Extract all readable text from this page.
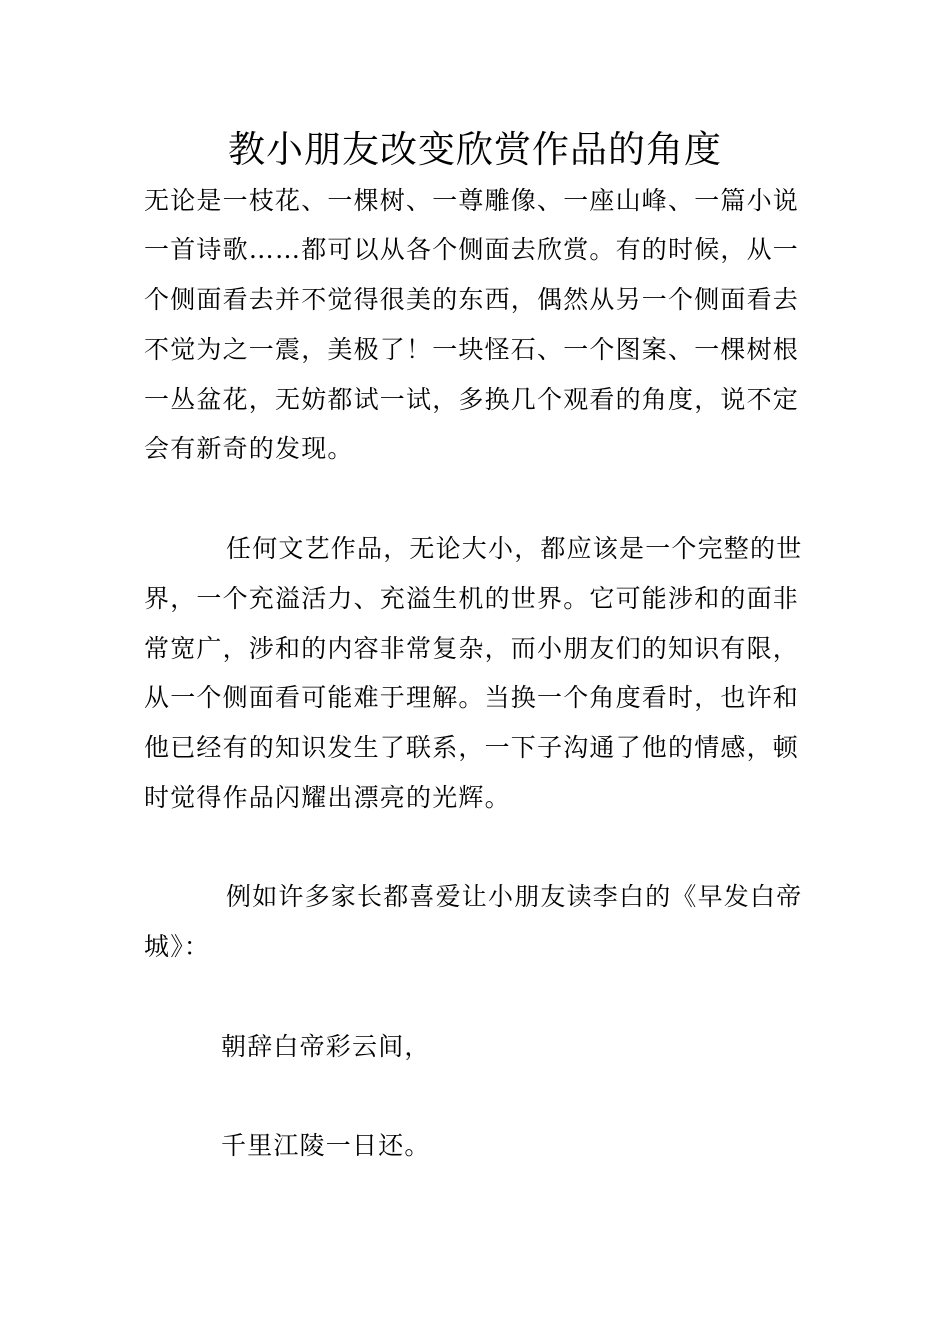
教小朋友改变欣赏作品的角度

无论是一枝花、一棵树、一尊雕像、一座山峰、一篇小说

一首诗歌……都可以从各个侧面去欣赏。有的时候，从一

个侧面看去并不觉得很美的东西，偶然从另一个侧面看去

不觉为之一震，美极了！一块怪石、一个图案、一棵树根

一丛盆花，无妨都试一试，多换几个观看的角度，说不定

会有新奇的发现。

任何文艺作品，无论大小，都应该是一个完整的世

界，一个充溢活力、充溢生机的世界。它可能涉和的面非

常宽广，涉和的内容非常复杂，而小朋友们的知识有限，

从一个侧面看可能难于理解。当换一个角度看时，也许和

他已经有的知识发生了联系，一下子沟通了他的情感，顿

时觉得作品闪耀出漂亮的光辉。

例如许多家长都喜爱让小朋友读李白的《早发白帝

城》：

朝辞白帝彩云间，

千里江陵一日还。
